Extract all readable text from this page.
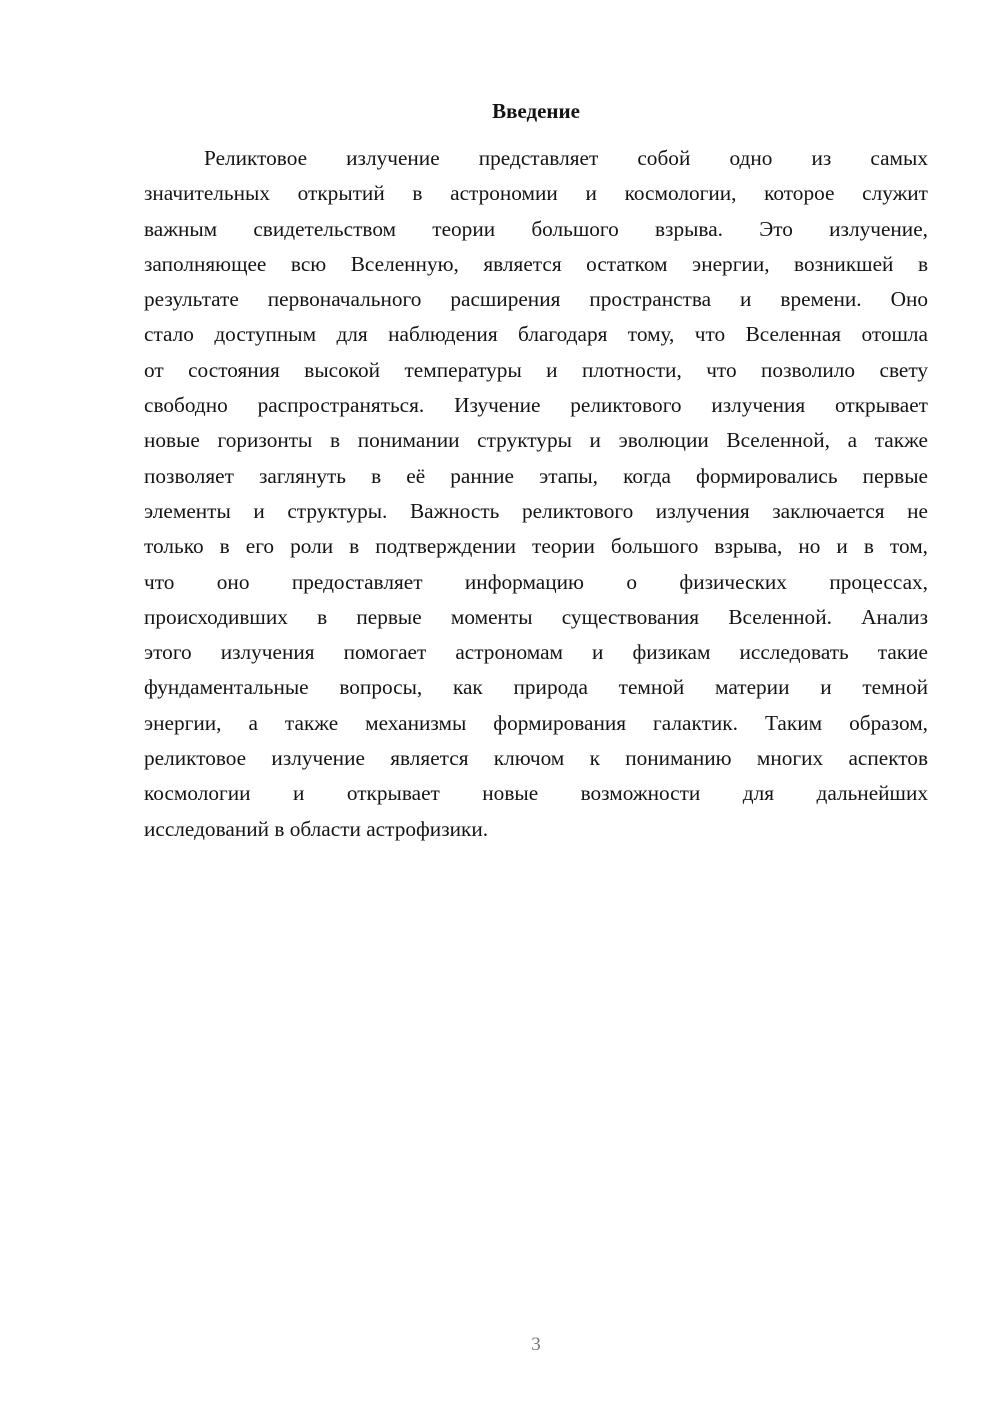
Введение
Реликтовое излучение представляет собой одно из самых
значительных открытий в астрономии и космологии, которое служит
важным свидетельством теории большого взрыва. Это излучение,
заполняющее всю Вселенную, является остатком энергии, возникшей в
результате первоначального расширения пространства и времени. Оно
стало доступным для наблюдения благодаря тому, что Вселенная отошла
от состояния высокой температуры и плотности, что позволило свету
свободно распространяться. Изучение реликтового излучения открывает
новые горизонты в понимании структуры и эволюции Вселенной, а также
позволяет заглянуть в её ранние этапы, когда формировались первые
элементы и структуры. Важность реликтового излучения заключается не
только в его роли в подтверждении теории большого взрыва, но и в том,
что оно предоставляет информацию о физических процессах,
происходивших в первые моменты существования Вселенной. Анализ
этого излучения помогает астрономам и физикам исследовать такие
фундаментальные вопросы, как природа темной материи и темной
энергии, а также механизмы формирования галактик. Таким образом,
реликтовое излучение является ключом к пониманию многих аспектов
космологии и открывает новые возможности для дальнейших
исследований в области астрофизики.
3
